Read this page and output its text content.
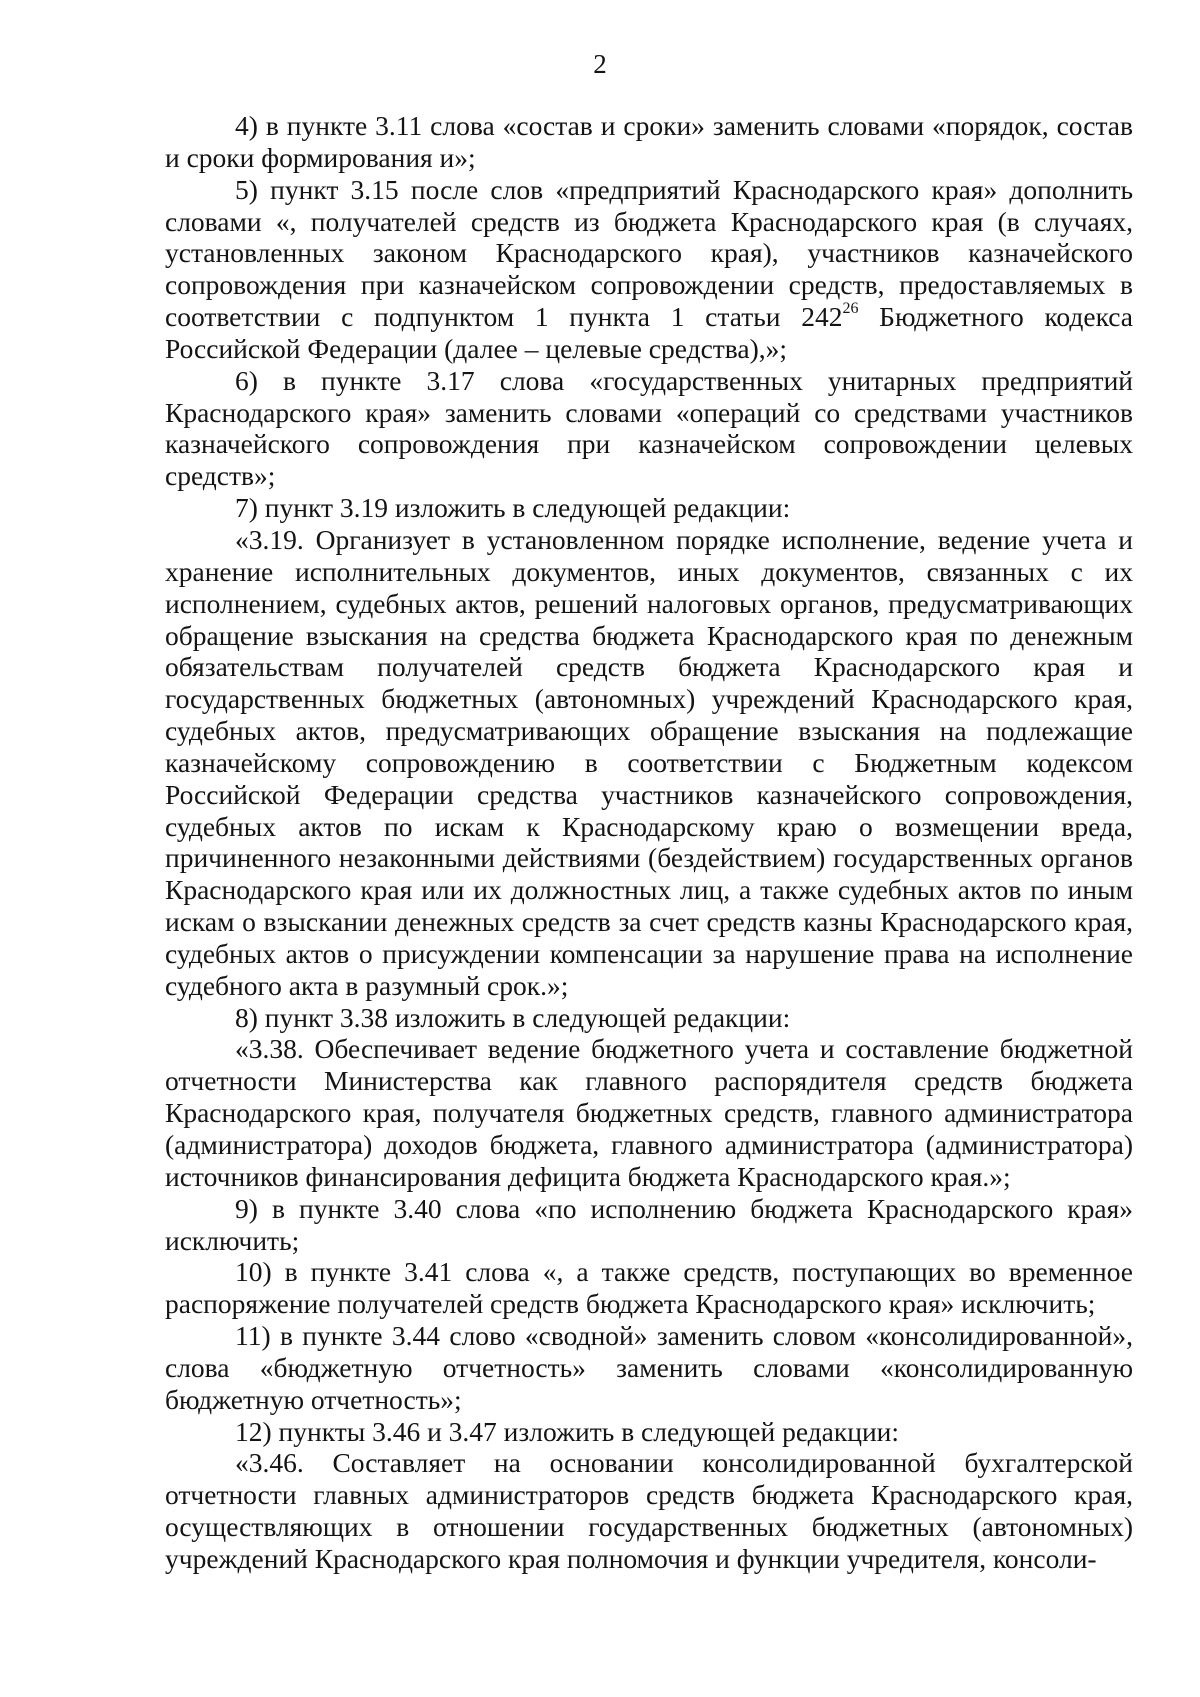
2

4) в пункте 3.11 слова «состав и сроки» заменить словами «порядок, состав и сроки формирования и»;

5) пункт 3.15 после слов «предприятий Краснодарского края» дополнить словами «, получателей средств из бюджета Краснодарского края (в случаях, установленных законом Краснодарского края), участников казначейского сопровождения при казначейском сопровождении средств, предоставляемых в соответствии с подпунктом 1 пункта 1 статьи $242^{26}$ Бюджетного кодекса Российской Федерации (далее – целевые средства),»;

6) в пункте 3.17 слова «государственных унитарных предприятий Краснодарского края» заменить словами «операций со средствами участников казначейского сопровождения при казначейском сопровождении целевых средств»;

7) пункт 3.19 изложить в следующей редакции:

«3.19. Организует в установленном порядке исполнение, ведение учета и хранение исполнительных документов, иных документов, связанных с их исполнением, судебных актов, решений налоговых органов, предусматривающих обращение взыскания на средства бюджета Краснодарского края по денежным обязательствам получателей средств бюджета Краснодарского края и государственных бюджетных (автономных) учреждений Краснодарского края, судебных актов, предусматривающих обращение взыскания на подлежащие казначейскому сопровождению в соответствии с Бюджетным кодексом Российской Федерации средства участников казначейского сопровождения, судебных актов по искам к Краснодарскому краю о возмещении вреда, причиненного незаконными действиями (бездействием) государственных органов Краснодарского края или их должностных лиц, а также судебных актов по иным искам о взыскании денежных средств за счет средств казны Краснодарского края, судебных актов о присуждении компенсации за нарушение права на исполнение судебного акта в разумный срок.»;

8) пункт 3.38 изложить в следующей редакции:

«3.38. Обеспечивает ведение бюджетного учета и составление бюджетной отчетности Министерства как главного распорядителя средств бюджета Краснодарского края, получателя бюджетных средств, главного администратора (администратора) доходов бюджета, главного администратора (администратора) источников финансирования дефицита бюджета Краснодарского края.»;

9) в пункте 3.40 слова «по исполнению бюджета Краснодарского края» исключить;

10) в пункте 3.41 слова «, а также средств, поступающих во временное распоряжение получателей средств бюджета Краснодарского края» исключить;

11) в пункте 3.44 слово «сводной» заменить словом «консолидированной», слова «бюджетную отчетность» заменить словами «консолидированную бюджетную отчетность»;

12) пункты 3.46 и 3.47 изложить в следующей редакции:

«3.46. Составляет на основании консолидированной бухгалтерской отчетности главных администраторов средств бюджета Краснодарского края, осуществляющих в отношении государственных бюджетных (автономных) учреждений Краснодарского края полномочия и функции учредителя, консоли-
